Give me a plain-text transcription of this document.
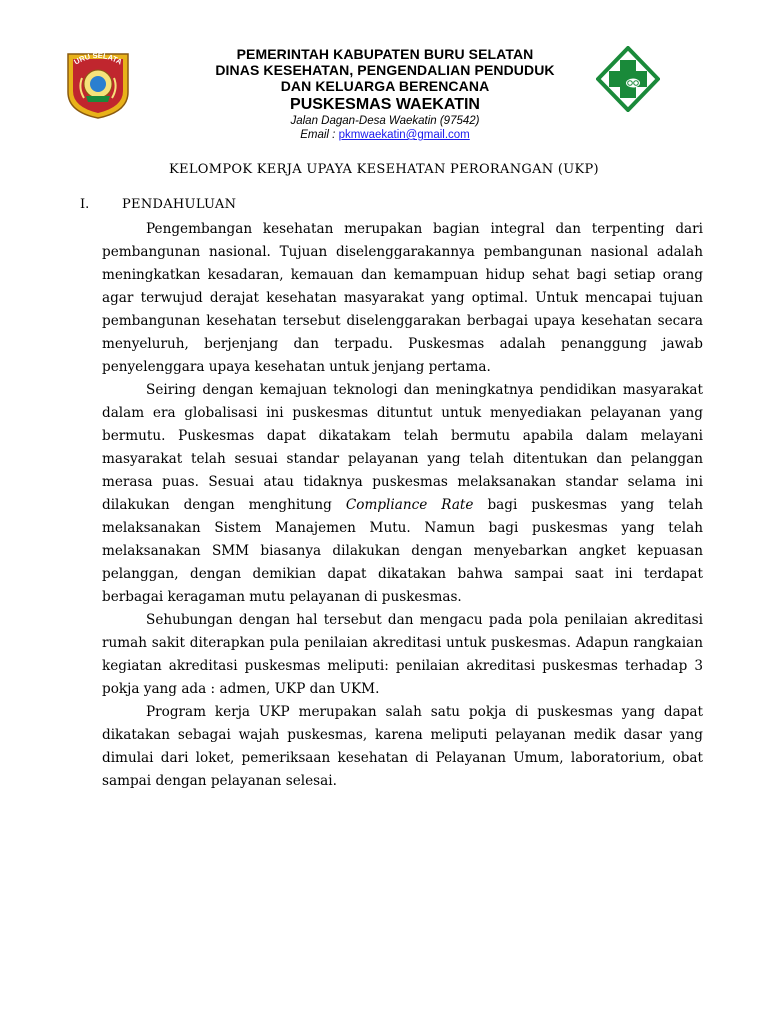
URU SELATA	PEMERINTAH KABUPATEN BURU SELATAN
DINAS KESEHATAN, PENGENDALIAN PENDUDUK
DAN KELUARGA BERENCANA
PUSKESMAS WAEKATIN
Jalan Dagan-Desa Waekatin (97542)
Email : pkmwaekatin@gmail.com
KELOMPOK KERJA UPAYA KESEHATAN PERORANGAN (UKP)
I.	PENDAHULUAN

Pengembangan kesehatan merupakan bagian integral dan terpenting dari pembangunan nasional. Tujuan diselenggarakannya pembangunan nasional adalah meningkatkan kesadaran, kemauan dan kemampuan hidup sehat bagi setiap orang agar terwujud derajat kesehatan masyarakat yang optimal. Untuk mencapai tujuan pembangunan kesehatan tersebut diselenggarakan berbagai upaya kesehatan secara menyeluruh, berjenjang dan terpadu. Puskesmas adalah penanggung jawab penyelenggara upaya kesehatan untuk jenjang pertama.

Seiring dengan kemajuan teknologi dan meningkatnya pendidikan masyarakat dalam era globalisasi ini puskesmas dituntut untuk menyediakan pelayanan yang bermutu. Puskesmas dapat dikatakam telah bermutu apabila dalam melayani masyarakat telah sesuai standar pelayanan yang telah ditentukan dan pelanggan merasa puas. Sesuai atau tidaknya puskesmas melaksanakan standar selama ini dilakukan dengan menghitung Compliance Rate bagi puskesmas yang telah melaksanakan Sistem Manajemen Mutu. Namun bagi puskesmas yang telah melaksanakan SMM biasanya dilakukan dengan menyebarkan angket kepuasan pelanggan, dengan demikian dapat dikatakan bahwa sampai saat ini terdapat berbagai keragaman mutu pelayanan di puskesmas.

Sehubungan dengan hal tersebut dan mengacu pada pola penilaian akreditasi rumah sakit diterapkan pula penilaian akreditasi untuk puskesmas. Adapun rangkaian kegiatan akreditasi puskesmas meliputi: penilaian akreditasi puskesmas terhadap 3 pokja yang ada : admen, UKP dan UKM.

Program kerja UKP merupakan salah satu pokja di puskesmas yang dapat dikatakan sebagai wajah puskesmas, karena meliputi pelayanan medik dasar yang dimulai dari loket, pemeriksaan kesehatan di Pelayanan Umum, laboratorium, obat sampai dengan pelayanan selesai.
